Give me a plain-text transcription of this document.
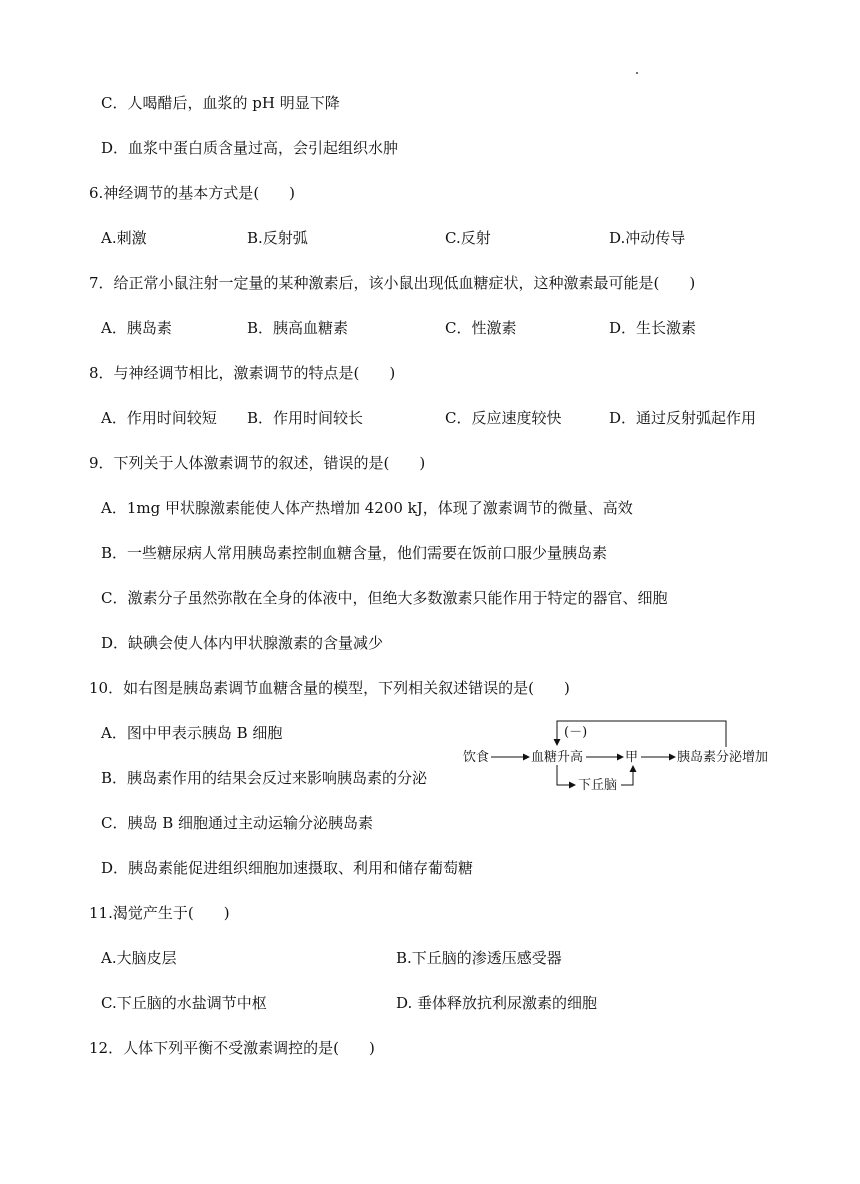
C．人喝醋后，血浆的 pH 明显下降
D．血浆中蛋白质含量过高，会引起组织水肿
6.神经调节的基本方式是(　　)
A.刺激	B.反射弧	C.反射	D.冲动传导
7．给正常小鼠注射一定量的某种激素后，该小鼠出现低血糖症状，这种激素最可能是(　　)
A．胰岛素	B．胰高血糖素	C．性激素	D．生长激素
8．与神经调节相比，激素调节的特点是(　　)
A．作用时间较短 B．作用时间较长	C．反应速度较快	D．通过反射弧起作用
9．下列关于人体激素调节的叙述，错误的是(　　)
A．1mg 甲状腺激素能使人体产热增加 4200 kJ，体现了激素调节的微量、高效
B．一些糖尿病人常用胰岛素控制血糖含量，他们需要在饭前口服少量胰岛素
C．激素分子虽然弥散在全身的体液中，但绝大多数激素只能作用于特定的器官、细胞
D．缺碘会使人体内甲状腺激素的含量减少
10．如右图是胰岛素调节血糖含量的模型，下列相关叙述错误的是(　　)
A．图中甲表示胰岛 B 细胞
B．胰岛素作用的结果会反过来影响胰岛素的分泌
C．胰岛 B 细胞通过主动运输分泌胰岛素
D．胰岛素能促进组织细胞加速摄取、利用和储存葡萄糖
(－)
饮食	血糖升高	甲	胰岛素分泌增加
下丘脑
11.渴觉产生于(　　)
A.大脑皮层	B.下丘脑的渗透压感受器
C.下丘脑的水盐调节中枢	D. 垂体释放抗利尿激素的细胞
12．人体下列平衡不受激素调控的是(　　)
